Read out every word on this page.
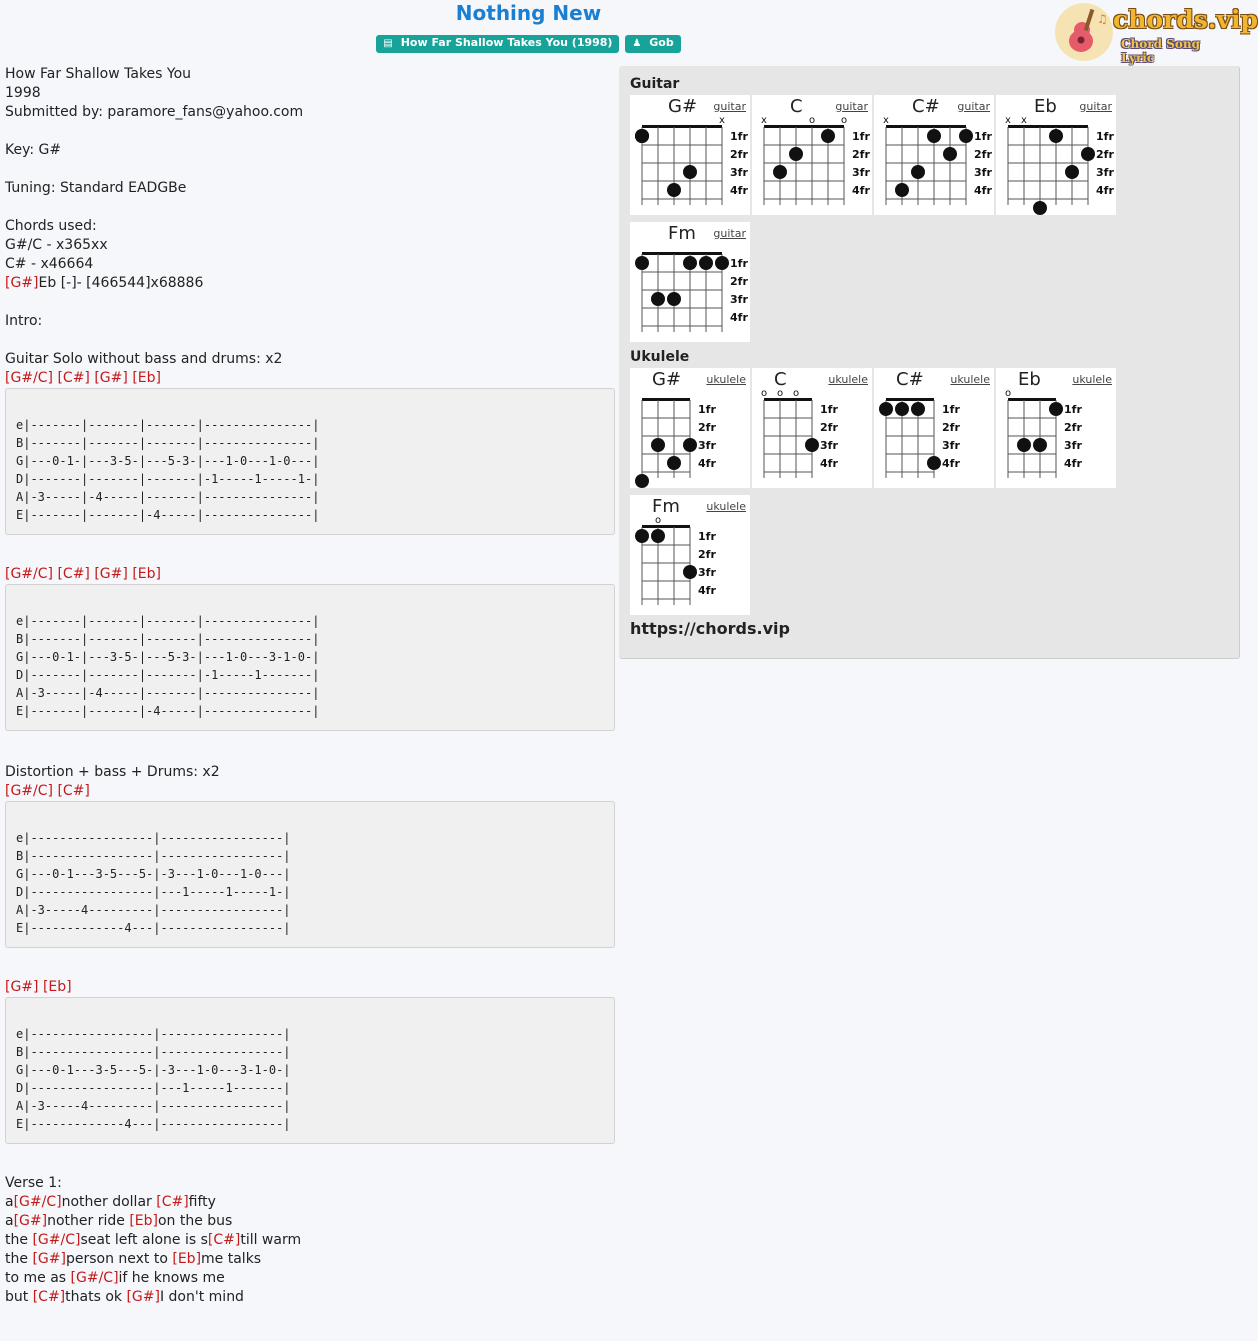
Nothing New
▤ How Far Shallow Takes You (1998) ♟ Gob
♫ chords.vip
Chord Song Lyric
How Far Shallow Takes You
1998
Submitted by: paramore_fans@yahoo.com
Key: G#
Tuning: Standard EADGBe
Chords used:
G#/C - x365xx
C# - x46664
[G#]Eb [-]- [466544]x68886
Intro:
Guitar Solo without bass and drums: x2
[G#/C] [C#] [G#] [Eb]
e|-------|-------|-------|---------------|
B|-------|-------|-------|---------------|
G|---0-1-|---3-5-|---5-3-|---1-0---1-0---|
D|-------|-------|-------|-1-----1-----1-|
A|-3-----|-4-----|-------|---------------|
E|-------|-------|-4-----|---------------|
[G#/C] [C#] [G#] [Eb]
e|-------|-------|-------|---------------|
B|-------|-------|-------|---------------|
G|---0-1-|---3-5-|---5-3-|---1-0---3-1-0-|
D|-------|-------|-------|-1-----1-------|
A|-3-----|-4-----|-------|---------------|
E|-------|-------|-4-----|---------------|
Distortion + bass + Drums: x2
[G#/C] [C#]
e|-----------------|-----------------|
B|-----------------|-----------------|
G|---0-1---3-5---5-|-3---1-0---1-0---|
D|-----------------|---1-----1-----1-|
A|-3-----4---------|-----------------|
E|-------------4---|-----------------|
[G#] [Eb]
e|-----------------|-----------------|
B|-----------------|-----------------|
G|---0-1---3-5---5-|-3---1-0---3-1-0-|
D|-----------------|---1-----1-------|
A|-3-----4---------|-----------------|
E|-------------4---|-----------------|
Verse 1:
a[G#/C]nother dollar [C#]fifty
a[G#]nother ride [Eb]on the bus
the [G#/C]seat left alone is s[C#]till warm
the [G#]person next to [Eb]me talks
to me as [G#/C]if he knows me
but [C#]thats ok [G#]I don't mind
Guitar
Ukulele
https://chords.vip
1fr
2fr
3fr
4fr
x
G# guitar
1fr
2fr
3fr
4fr
x	o	o
C	guitar
1fr
2fr
3fr
4fr
x
C# guitar
1fr
2fr
3fr
4fr
x x
Eb guitar
1fr
2fr
3fr
4fr
Fm guitar
1fr
2fr
3fr
4fr
G# ukulele
1fr
2fr
3fr
4fr
o o o
C	ukulele
1fr
2fr
3fr
4fr
C# ukulele
1fr
2fr
3fr
4fr
o
Eb	ukulele
1fr
2fr
3fr
4fr
o
Fm ukulele
